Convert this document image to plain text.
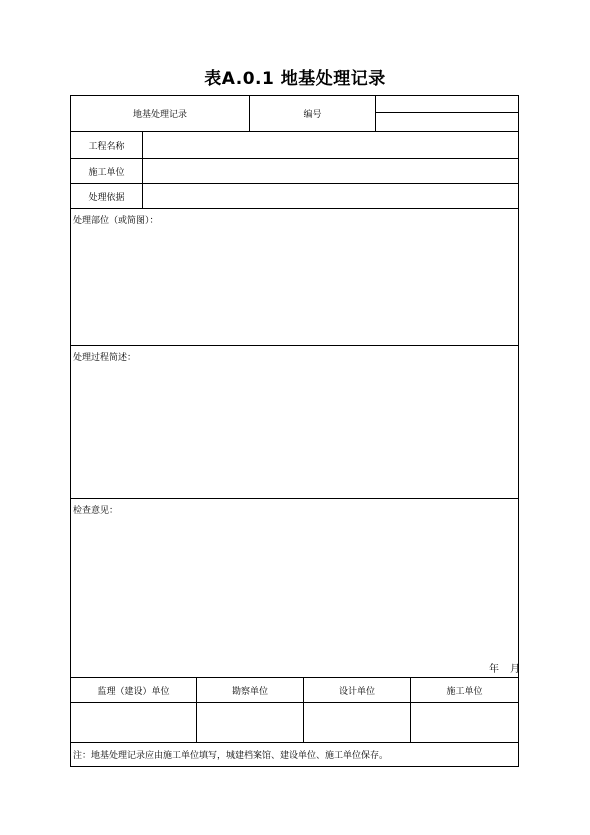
表A.0.1 地基处理记录
地基处理记录	编号
工程名称
施工单位
处理依据
处理部位（或简图）：
处理过程简述：
检查意见：
年 月
监理（建设）单位	勘察单位	设计单位	施工单位
注：地基处理记录应由施工单位填写，城建档案馆、建设单位、施工单位保存。
